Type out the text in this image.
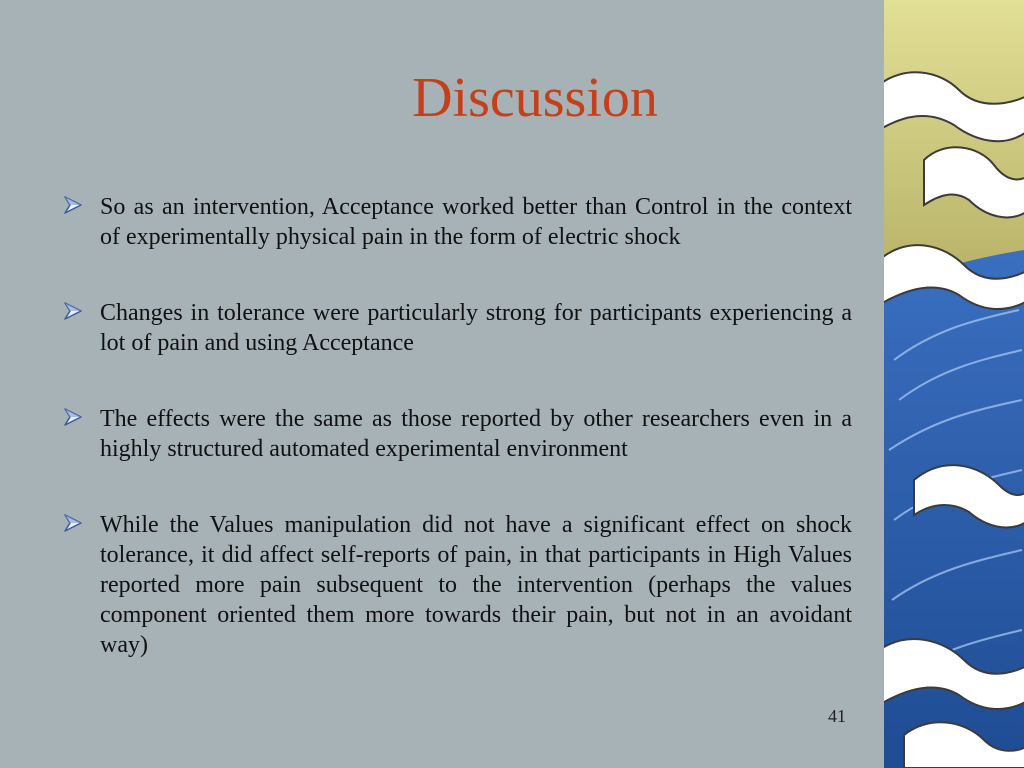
Discussion
So as an intervention, Acceptance worked better than Control in the context of experimentally physical pain in the form of electric shock
Changes in tolerance were particularly strong for participants experiencing a lot of pain and using Acceptance
The effects were the same as those reported by other researchers even in a highly structured automated experimental environment
While the Values manipulation did not have a significant effect on shock tolerance, it did affect self-reports of pain, in that participants in High Values reported more pain subsequent to the intervention (perhaps the values component oriented them more towards their pain, but not in an avoidant way)
41
